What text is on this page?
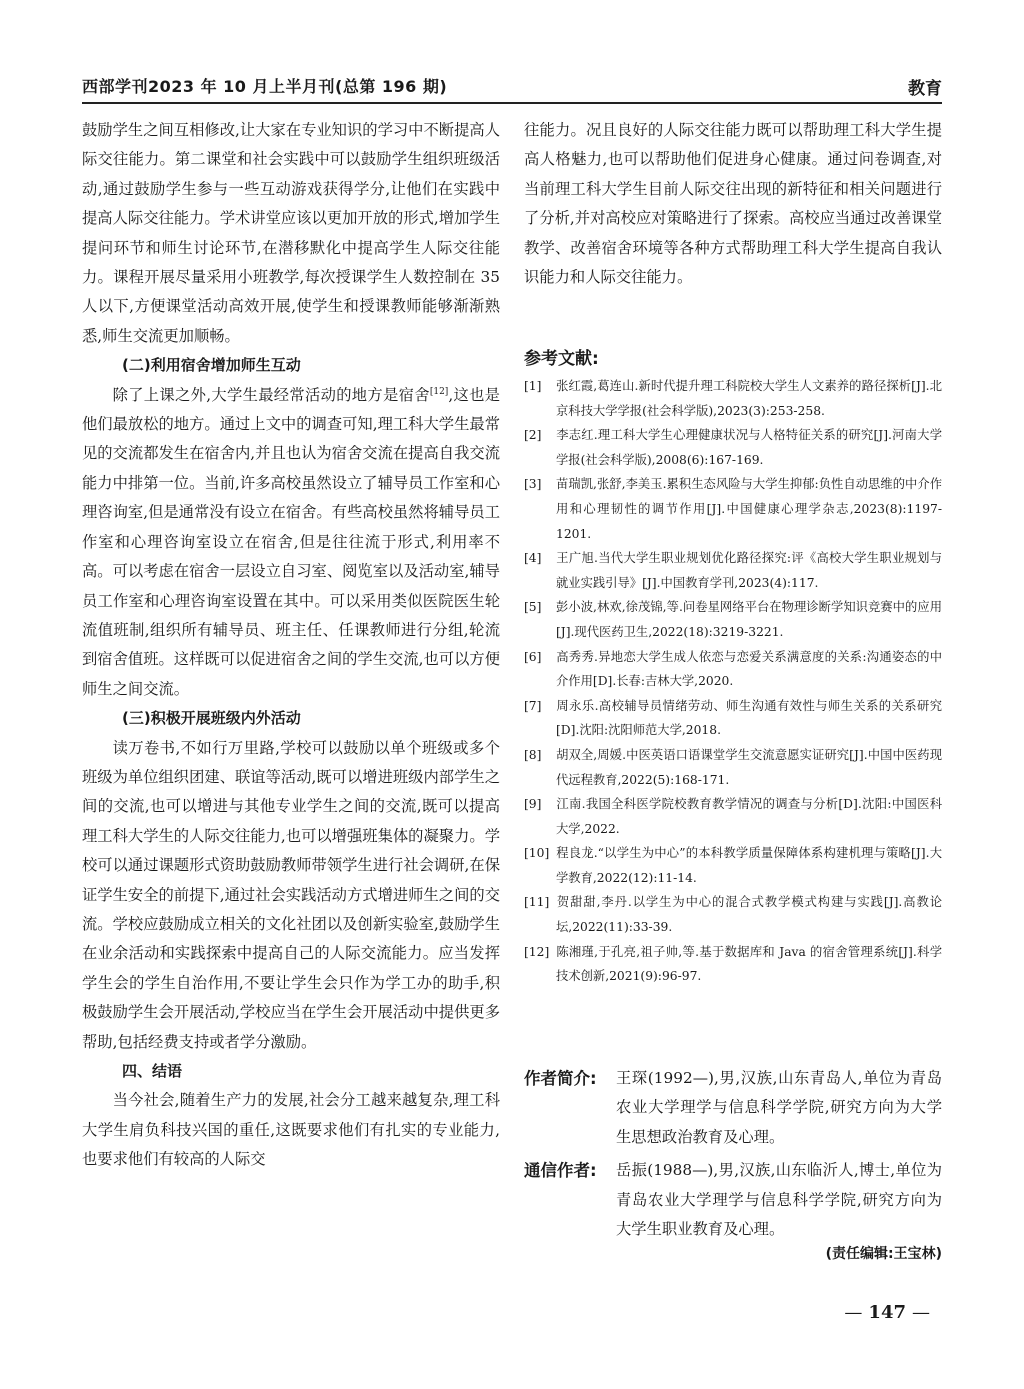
西部学刊2023 年 10 月上半月刊(总第 196 期)	教育

鼓励学生之间互相修改,让大家在专业知识的学习中不断提高人际交往能力。第二课堂和社会实践中可以鼓励学生组织班级活动,通过鼓励学生参与一些互动游戏获得学分,让他们在实践中提高人际交往能力。学术讲堂应该以更加开放的形式,增加学生提问环节和师生讨论环节,在潜移默化中提高学生人际交往能力。课程开展尽量采用小班教学,每次授课学生人数控制在 35 人以下,方便课堂活动高效开展,使学生和授课教师能够渐渐熟悉,师生交流更加顺畅。

(二)利用宿舍增加师生互动

除了上课之外,大学生最经常活动的地方是宿舍[12],这也是他们最放松的地方。通过上文中的调查可知,理工科大学生最常见的交流都发生在宿舍内,并且也认为宿舍交流在提高自我交流能力中排第一位。当前,许多高校虽然设立了辅导员工作室和心理咨询室,但是通常没有设立在宿舍。有些高校虽然将辅导员工作室和心理咨询室设立在宿舍,但是往往流于形式,利用率不高。可以考虑在宿舍一层设立自习室、阅览室以及活动室,辅导员工作室和心理咨询室设置在其中。可以采用类似医院医生轮流值班制,组织所有辅导员、班主任、任课教师进行分组,轮流到宿舍值班。这样既可以促进宿舍之间的学生交流,也可以方便师生之间交流。

(三)积极开展班级内外活动

读万卷书,不如行万里路,学校可以鼓励以单个班级或多个班级为单位组织团建、联谊等活动,既可以增进班级内部学生之间的交流,也可以增进与其他专业学生之间的交流,既可以提高理工科大学生的人际交往能力,也可以增强班集体的凝聚力。学校可以通过课题形式资助鼓励教师带领学生进行社会调研,在保证学生安全的前提下,通过社会实践活动方式增进师生之间的交流。学校应鼓励成立相关的文化社团以及创新实验室,鼓励学生在业余活动和实践探索中提高自己的人际交流能力。应当发挥学生会的学生自治作用,不要让学生会只作为学工办的助手,积极鼓励学生会开展活动,学校应当在学生会开展活动中提供更多帮助,包括经费支持或者学分激励。

四、结语

当今社会,随着生产力的发展,社会分工越来越复杂,理工科大学生肩负科技兴国的重任,这既要求他们有扎实的专业能力,也要求他们有较高的人际交

往能力。况且良好的人际交往能力既可以帮助理工科大学生提高人格魅力,也可以帮助他们促进身心健康。通过问卷调查,对当前理工科大学生目前人际交往出现的新特征和相关问题进行了分析,并对高校应对策略进行了探索。高校应当通过改善课堂教学、改善宿舍环境等各种方式帮助理工科大学生提高自我认识能力和人际交往能力。

参考文献:
[1] 张红霞,葛连山.新时代提升理工科院校大学生人文素养的路径探析[J].北京科技大学学报(社会科学版),2023(3):253-258.
[2] 李志红.理工科大学生心理健康状况与人格特征关系的研究[J].河南大学学报(社会科学版),2008(6):167-169.
[3] 苗瑞凯,张舒,李美玉.累积生态风险与大学生抑郁:负性自动思维的中介作用和心理韧性的调节作用[J].中国健康心理学杂志,2023(8):1197-1201.
[4] 王广旭.当代大学生职业规划优化路径探究:评《高校大学生职业规划与就业实践引导》[J].中国教育学刊,2023(4):117.
[5] 彭小波,林欢,徐茂锦,等.问卷星网络平台在物理诊断学知识竞赛中的应用[J].现代医药卫生,2022(18):3219-3221.
[6] 高秀秀.异地恋大学生成人依恋与恋爱关系满意度的关系:沟通姿态的中介作用[D].长春:吉林大学,2020.
[7] 周永乐.高校辅导员情绪劳动、师生沟通有效性与师生关系的关系研究[D].沈阳:沈阳师范大学,2018.
[8] 胡双全,周媛.中医英语口语课堂学生交流意愿实证研究[J].中国中医药现代远程教育,2022(5):168-171.
[9] 江南.我国全科医学院校教育教学情况的调查与分析[D].沈阳:中国医科大学,2022.
[10] 程良龙.“以学生为中心”的本科教学质量保障体系构建机理与策略[J].大学教育,2022(12):11-14.
[11] 贺甜甜,李丹.以学生为中心的混合式教学模式构建与实践[J].高教论坛,2022(11):33-39.
[12] 陈湘瑾,于孔亮,祖子帅,等.基于数据库和 Java 的宿舍管理系统[J].科学技术创新,2021(9):96-97.
作者简介: 王琛(1992—),男,汉族,山东青岛人,单位为青岛农业大学理学与信息科学学院,研究方向为大学生思想政治教育及心理。
通信作者: 岳振(1988—),男,汉族,山东临沂人,博士,单位为青岛农业大学理学与信息科学学院,研究方向为大学生职业教育及心理。
(责任编辑:王宝林)
— 147 —
